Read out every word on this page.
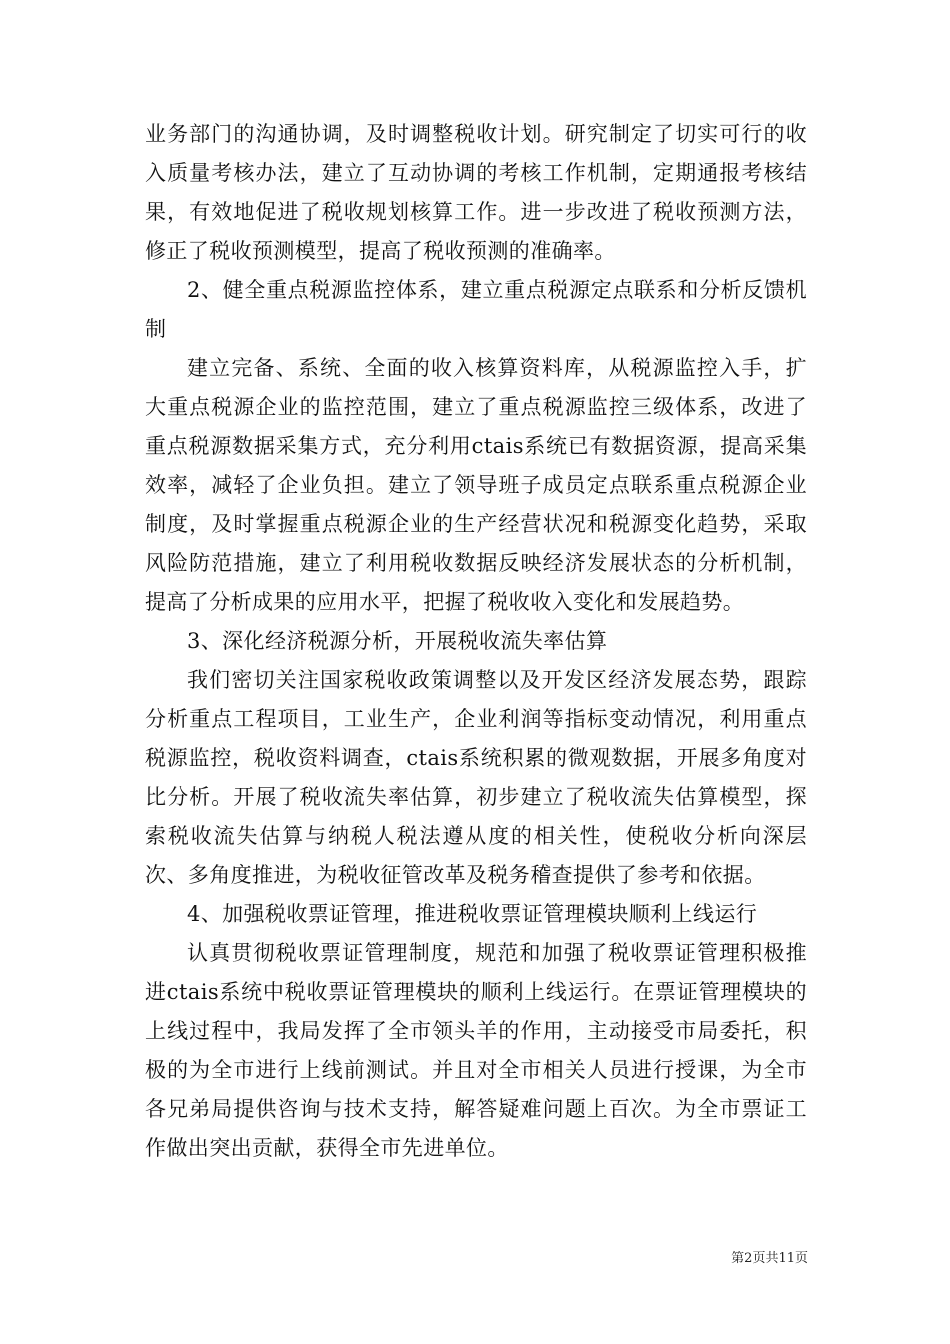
业务部门的沟通协调，及时调整税收计划。研究制定了切实可行的收入质量考核办法，建立了互动协调的考核工作机制，定期通报考核结果，有效地促进了税收规划核算工作。进一步改进了税收预测方法，修正了税收预测模型，提高了税收预测的准确率。

2、健全重点税源监控体系，建立重点税源定点联系和分析反馈机制

建立完备、系统、全面的收入核算资料库，从税源监控入手，扩大重点税源企业的监控范围，建立了重点税源监控三级体系，改进了重点税源数据采集方式，充分利用ctais系统已有数据资源，提高采集效率，减轻了企业负担。建立了领导班子成员定点联系重点税源企业制度，及时掌握重点税源企业的生产经营状况和税源变化趋势，采取风险防范措施，建立了利用税收数据反映经济发展状态的分析机制，提高了分析成果的应用水平，把握了税收收入变化和发展趋势。

3、深化经济税源分析，开展税收流失率估算

我们密切关注国家税收政策调整以及开发区经济发展态势，跟踪分析重点工程项目，工业生产，企业利润等指标变动情况，利用重点税源监控，税收资料调查，ctais系统积累的微观数据，开展多角度对比分析。开展了税收流失率估算，初步建立了税收流失估算模型，探索税收流失估算与纳税人税法遵从度的相关性，使税收分析向深层次、多角度推进，为税收征管改革及税务稽查提供了参考和依据。

4、加强税收票证管理，推进税收票证管理模块顺利上线运行

认真贯彻税收票证管理制度，规范和加强了税收票证管理积极推进ctais系统中税收票证管理模块的顺利上线运行。在票证管理模块的上线过程中，我局发挥了全市领头羊的作用，主动接受市局委托，积极的为全市进行上线前测试。并且对全市相关人员进行授课，为全市各兄弟局提供咨询与技术支持，解答疑难问题上百次。为全市票证工作做出突出贡献，获得全市先进单位。

第2页共11页
